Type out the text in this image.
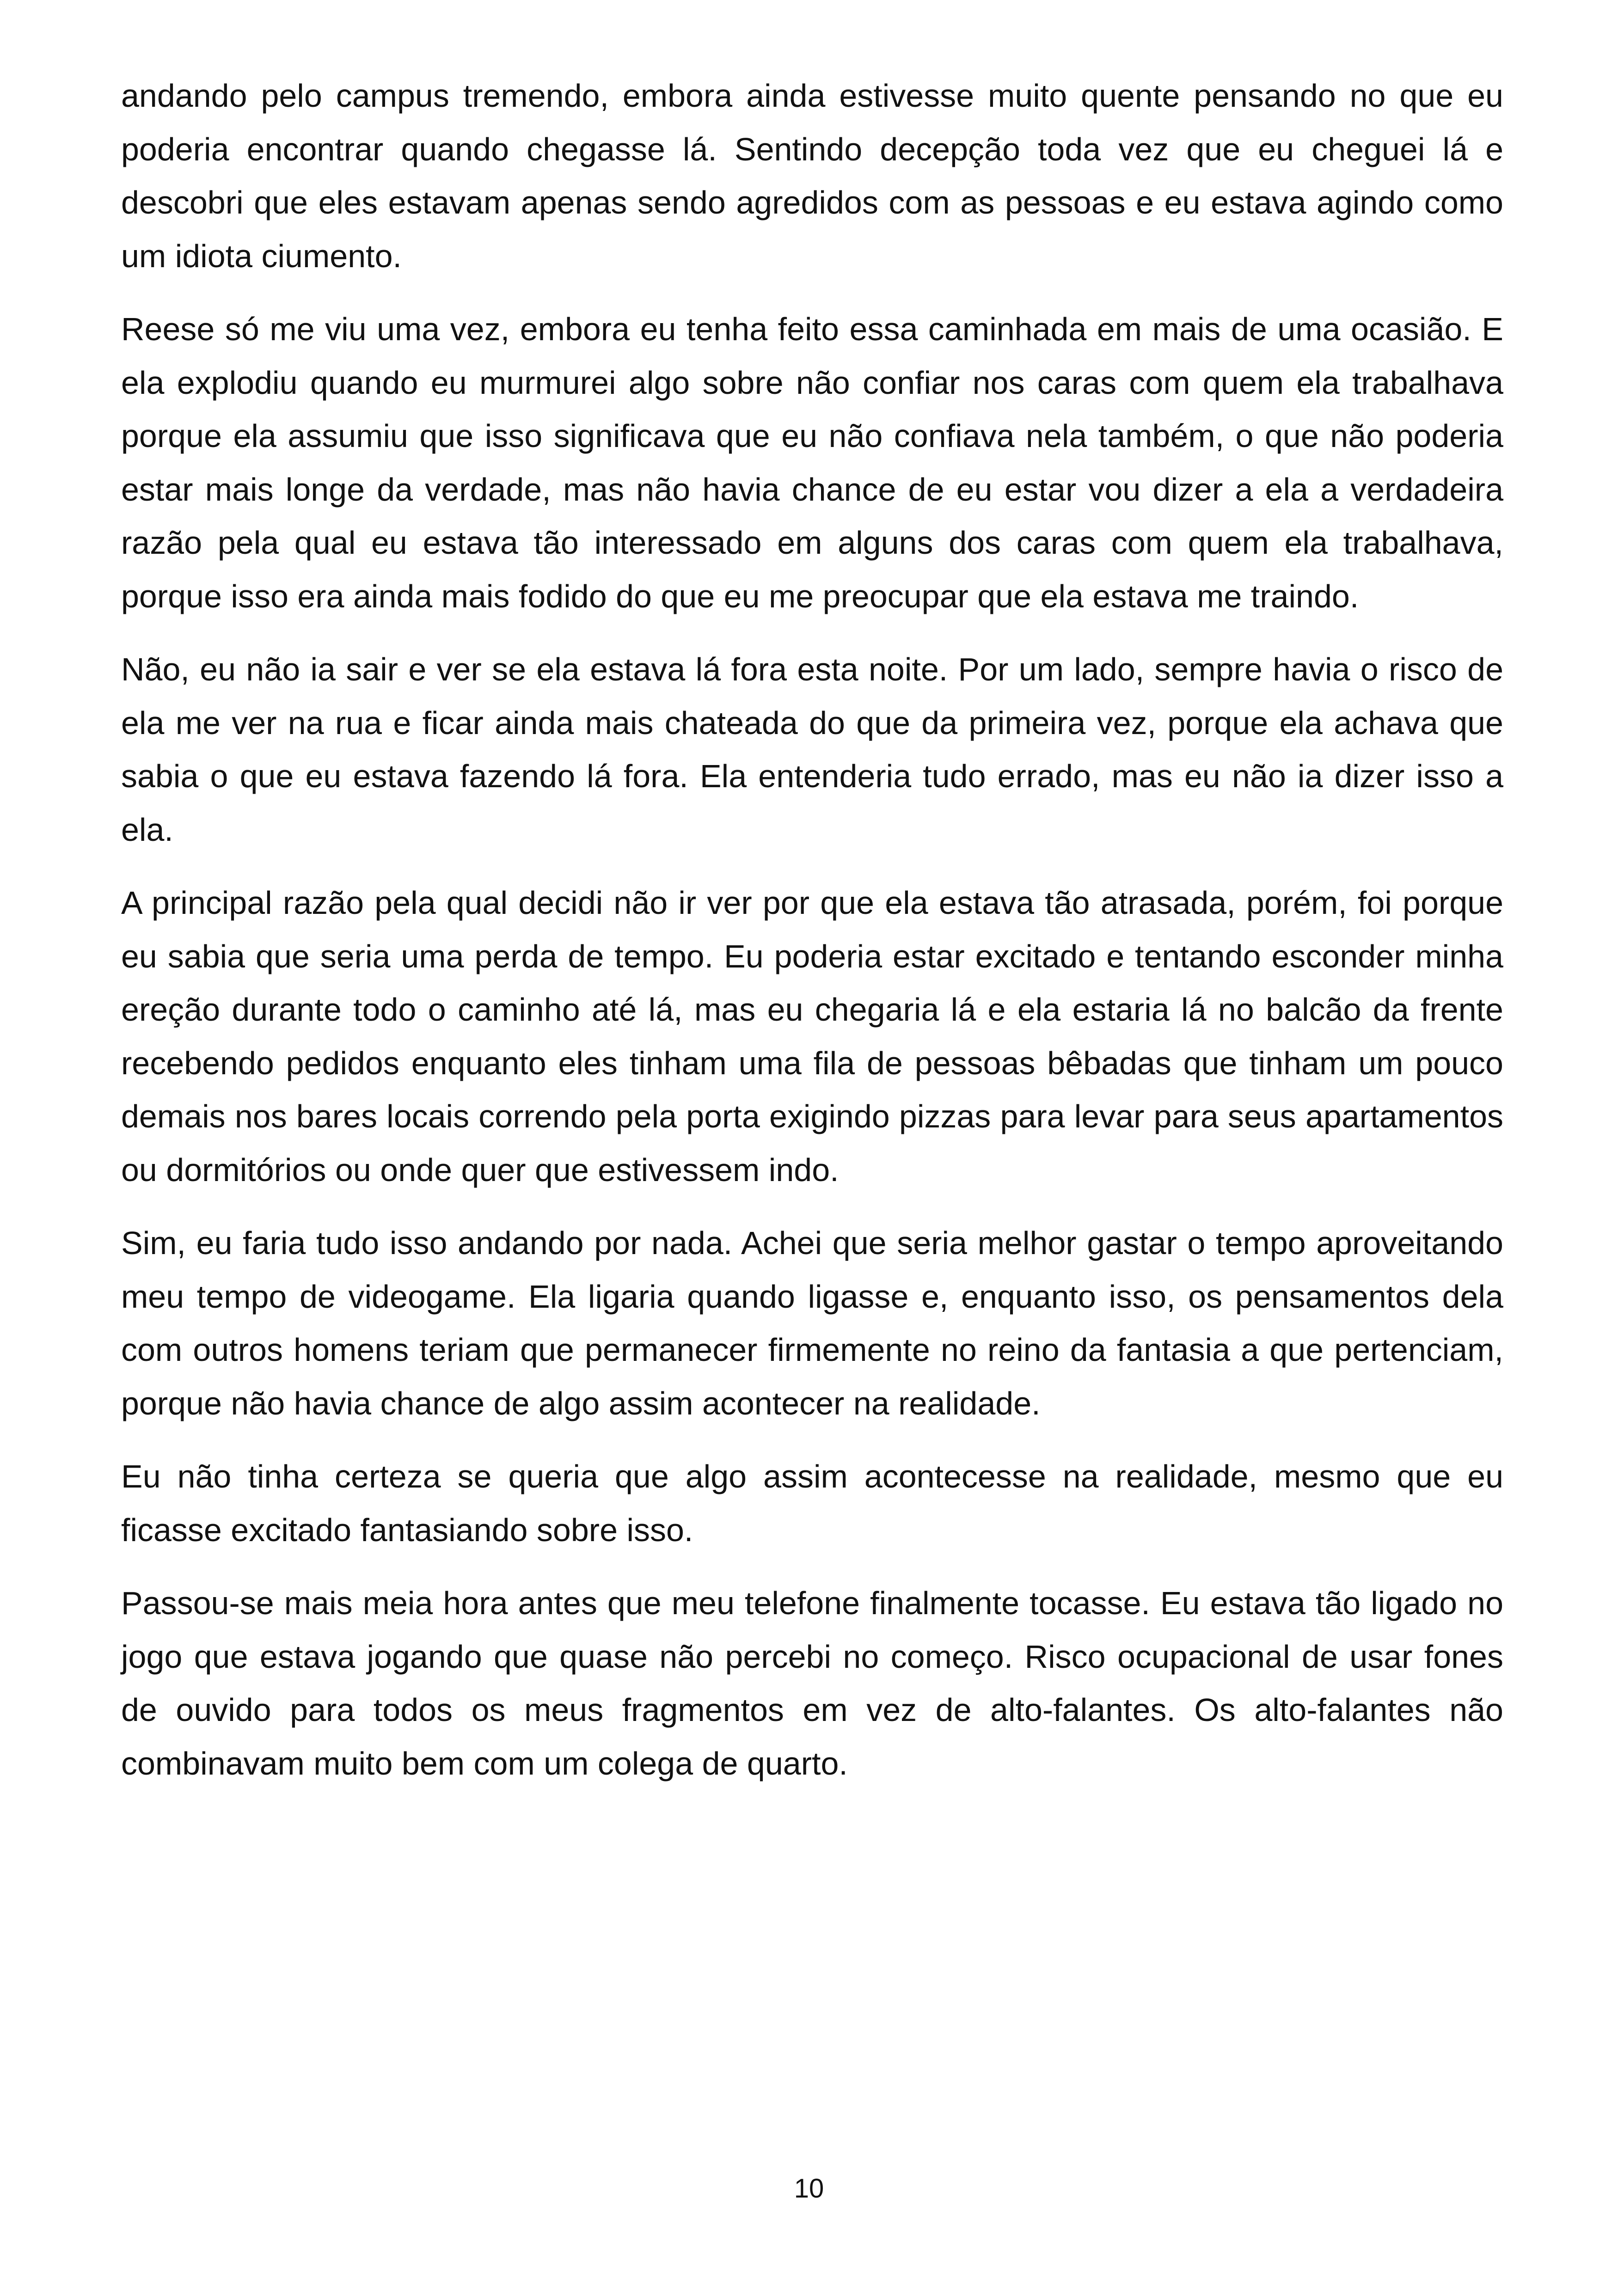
andando pelo campus tremendo, embora ainda estivesse muito quente pensando no que eu poderia encontrar quando chegasse lá. Sentindo decepção toda vez que eu cheguei lá e descobri que eles estavam apenas sendo agredidos com as pessoas e eu estava agindo como um idiota ciumento.

Reese só me viu uma vez, embora eu tenha feito essa caminhada em mais de uma ocasião. E ela explodiu quando eu murmurei algo sobre não confiar nos caras com quem ela trabalhava porque ela assumiu que isso significava que eu não confiava nela também, o que não poderia estar mais longe da verdade, mas não havia chance de eu estar vou dizer a ela a verdadeira razão pela qual eu estava tão interessado em alguns dos caras com quem ela trabalhava, porque isso era ainda mais fodido do que eu me preocupar que ela estava me traindo.

Não, eu não ia sair e ver se ela estava lá fora esta noite. Por um lado, sempre havia o risco de ela me ver na rua e ficar ainda mais chateada do que da primeira vez, porque ela achava que sabia o que eu estava fazendo lá fora. Ela entenderia tudo errado, mas eu não ia dizer isso a ela.

A principal razão pela qual decidi não ir ver por que ela estava tão atrasada, porém, foi porque eu sabia que seria uma perda de tempo. Eu poderia estar excitado e tentando esconder minha ereção durante todo o caminho até lá, mas eu chegaria lá e ela estaria lá no balcão da frente recebendo pedidos enquanto eles tinham uma fila de pessoas bêbadas que tinham um pouco demais nos bares locais correndo pela porta exigindo pizzas para levar para seus apartamentos ou dormitórios ou onde quer que estivessem indo.

Sim, eu faria tudo isso andando por nada. Achei que seria melhor gastar o tempo aproveitando meu tempo de videogame. Ela ligaria quando ligasse e, enquanto isso, os pensamentos dela com outros homens teriam que permanecer firmemente no reino da fantasia a que pertenciam, porque não havia chance de algo assim acontecer na realidade.

Eu não tinha certeza se queria que algo assim acontecesse na realidade, mesmo que eu ficasse excitado fantasiando sobre isso.

Passou-se mais meia hora antes que meu telefone finalmente tocasse. Eu estava tão ligado no jogo que estava jogando que quase não percebi no começo. Risco ocupacional de usar fones de ouvido para todos os meus fragmentos em vez de alto-falantes. Os alto-falantes não combinavam muito bem com um colega de quarto.

10
